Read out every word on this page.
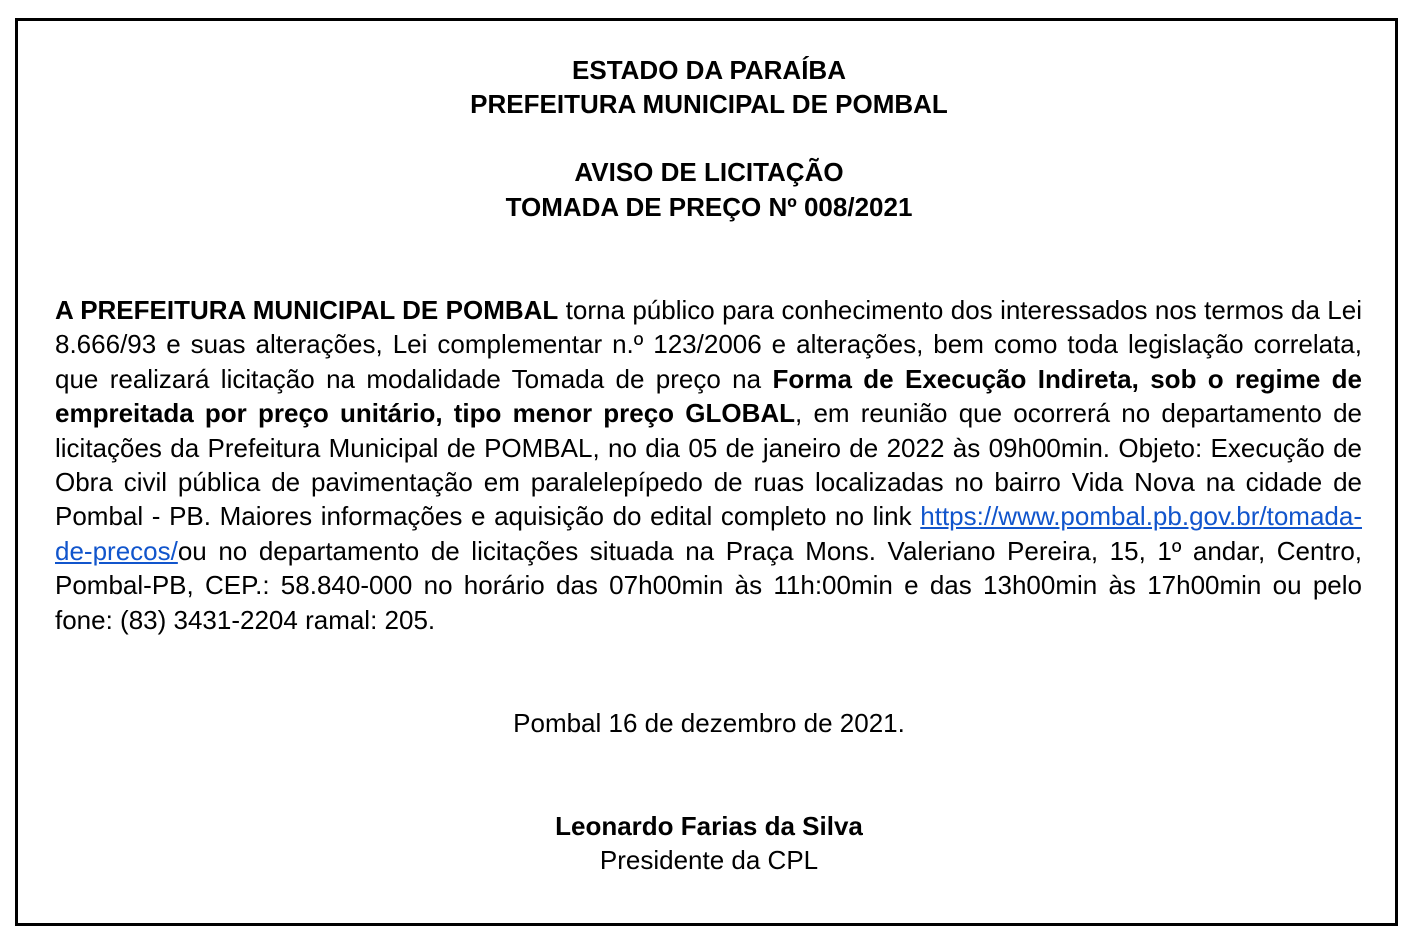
ESTADO DA PARAÍBA
PREFEITURA MUNICIPAL DE POMBAL
AVISO DE LICITAÇÃO
TOMADA DE PREÇO Nº 008/2021

A PREFEITURA MUNICIPAL DE POMBAL torna público para conhecimento dos interessados nos termos da Lei 8.666/93 e suas alterações, Lei complementar n.º 123/2006 e alterações, bem como toda legislação correlata, que realizará licitação na modalidade Tomada de preço na Forma de Execução Indireta, sob o regime de empreitada por preço unitário, tipo menor preço GLOBAL, em reunião que ocorrerá no departamento de licitações da Prefeitura Municipal de POMBAL, no dia 05 de janeiro de 2022 às 09h00min. Objeto: Execução de Obra civil pública de pavimentação em paralelepípedo de ruas localizadas no bairro Vida Nova na cidade de Pombal - PB. Maiores informações e aquisição do edital completo no link https://www.pombal.pb.gov.br/tomada-de-precos/ou no departamento de licitações situada na Praça Mons. Valeriano Pereira, 15, 1º andar, Centro, Pombal-PB, CEP.: 58.840-000 no horário das 07h00min às 11h:00min e das 13h00min às 17h00min ou pelo fone: (83) 3431-2204 ramal: 205.

Pombal 16 de dezembro de 2021.
Leonardo Farias da Silva
Presidente da CPL
